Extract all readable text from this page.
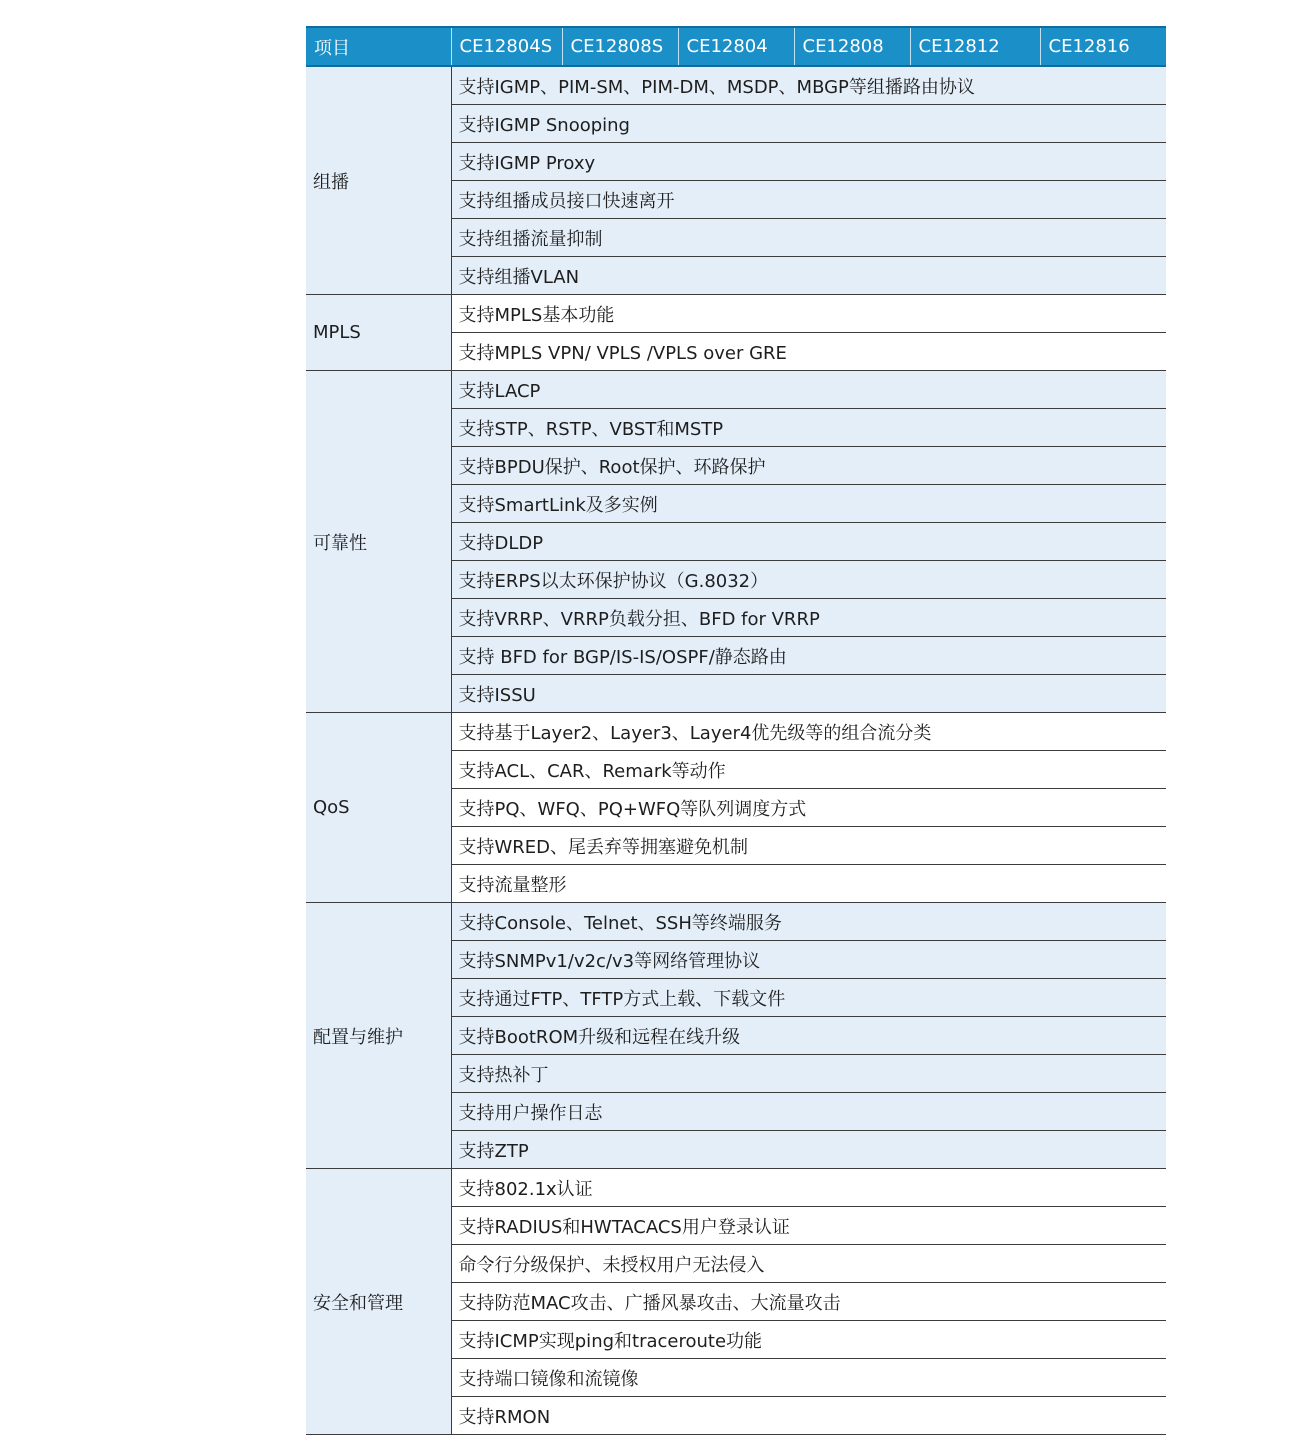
项目	CE12804S	CE12808S	CE12804	CE12808	CE12812	CE12816
组播	支持IGMP、PIM-SM、PIM-DM、MSDP、MBGP等组播路由协议					
	支持IGMP Snooping					
	支持IGMP Proxy					
	支持组播成员接口快速离开					
	支持组播流量抑制					
	支持组播VLAN					
MPLS	支持MPLS基本功能					
	支持MPLS VPN/ VPLS /VPLS over GRE					
可靠性	支持LACP					
	支持STP、RSTP、VBST和MSTP					
	支持BPDU保护、Root保护、环路保护					
	支持SmartLink及多实例					
	支持DLDP					
	支持ERPS以太环保护协议（G.8032）					
	支持VRRP、VRRP负载分担、BFD for VRRP					
	支持 BFD for BGP/IS-IS/OSPF/静态路由					
	支持ISSU					
QoS	支持基于Layer2、Layer3、Layer4优先级等的组合流分类					
	支持ACL、CAR、Remark等动作					
	支持PQ、WFQ、PQ+WFQ等队列调度方式					
	支持WRED、尾丢弃等拥塞避免机制					
	支持流量整形					
配置与维护	支持Console、Telnet、SSH等终端服务					
	支持SNMPv1/v2c/v3等网络管理协议					
	支持通过FTP、TFTP方式上载、下载文件					
	支持BootROM升级和远程在线升级					
	支持热补丁					
	支持用户操作日志					
	支持ZTP					
安全和管理	支持802.1x认证					
	支持RADIUS和HWTACACS用户登录认证					
	命令行分级保护、未授权用户无法侵入					
	支持防范MAC攻击、广播风暴攻击、大流量攻击					
	支持ICMP实现ping和traceroute功能					
	支持端口镜像和流镜像					
	支持RMON					
